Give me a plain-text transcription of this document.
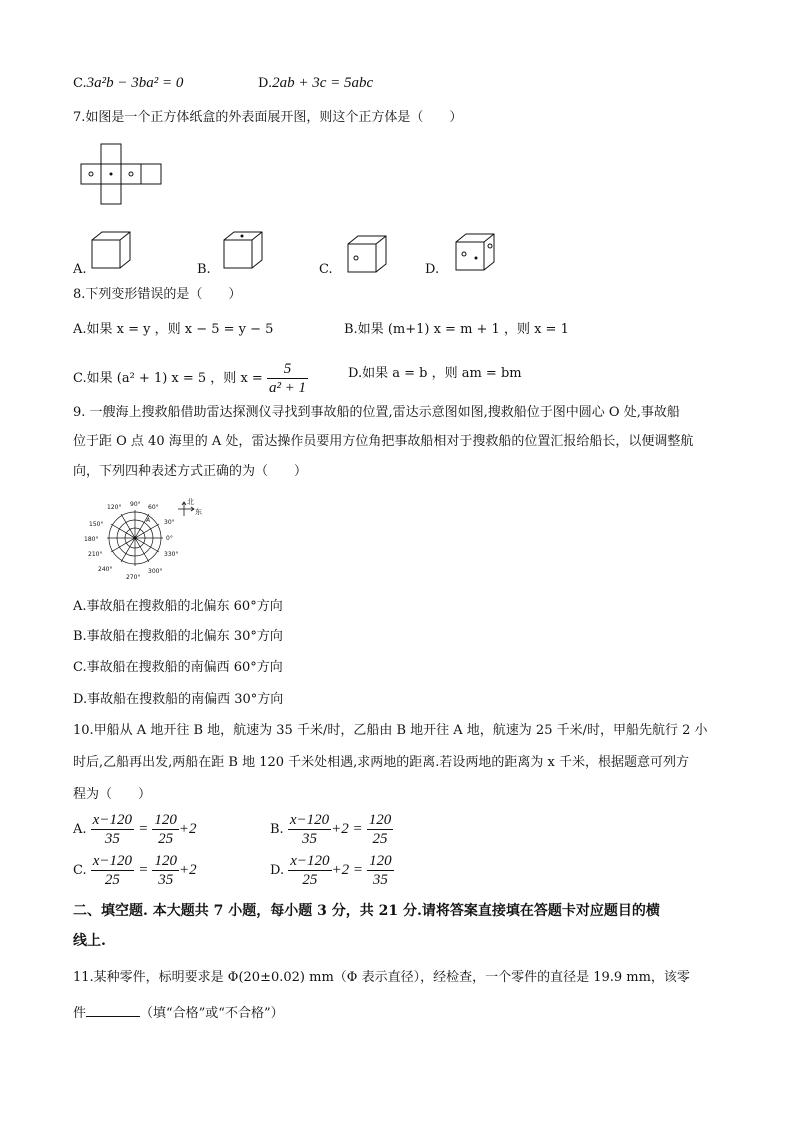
C.3a²b − 3ba² = 0	D.2ab + 3c = 5abc
7.如图是一个正方体纸盒的外表面展开图，则这个正方体是（　　）
A.	B.	C.	D.
8.下列变形错误的是（　　）
A.如果 x = y ，则 x − 5 = y − 5	B.如果 (m+1) x = m + 1 ，则 x = 1
C.如果 (a² + 1) x = 5 ，则 $x = \frac{5}{\text{a² + 1}}$	D.如果 a = b ，则 am = bm
9. 一艘海上搜救船借助雷达探测仪寻找到事故船的位置,雷达示意图如图,搜救船位于图中圆心 O 处,事故船
位于距 O 点 40 海里的 A 处，雷达操作员要用方位角把事故船相对于搜救船的位置汇报给船长，以便调整航
向，下列四种表述方式正确的为（　　）
90° 60°
120°
30°
150°
0°
180°
210°	330°
240°	300°
270°
A
北
东
A.事故船在搜救船的北偏东 60°方向
B.事故船在搜救船的北偏东 30°方向
C.事故船在搜救船的南偏西 60°方向
D.事故船在搜救船的南偏西 30°方向
10.甲船从 A 地开往 B 地，航速为 35 千米/时，乙船由 B 地开往 A 地，航速为 25 千米/时，甲船先航行 2 小
时后,乙船再出发,两船在距 B 地 120 千米处相遇,求两地的距离.若设两地的距离为 x 千米，根据题意可列方
程为（　　）
A. $\frac{x-120}{35} = \frac{120}{25} +2$	B. $\frac{x-120}{35} +2 = \frac{120}{25}$
C. $\frac{x-120}{25} = \frac{120}{35} +2$	D. $\frac{x-120}{25} +2 = \frac{120}{35}$
二、填空题. 本大题共 7 小题，每小题 3 分，共 21 分.请将答案直接填在答题卡对应题目的横
线上.
11.某种零件，标明要求是 Φ(20±0.02) mm（Φ 表示直径），经检查，一个零件的直径是 19.9 mm，该零
件	（填“合格”或“不合格”）
